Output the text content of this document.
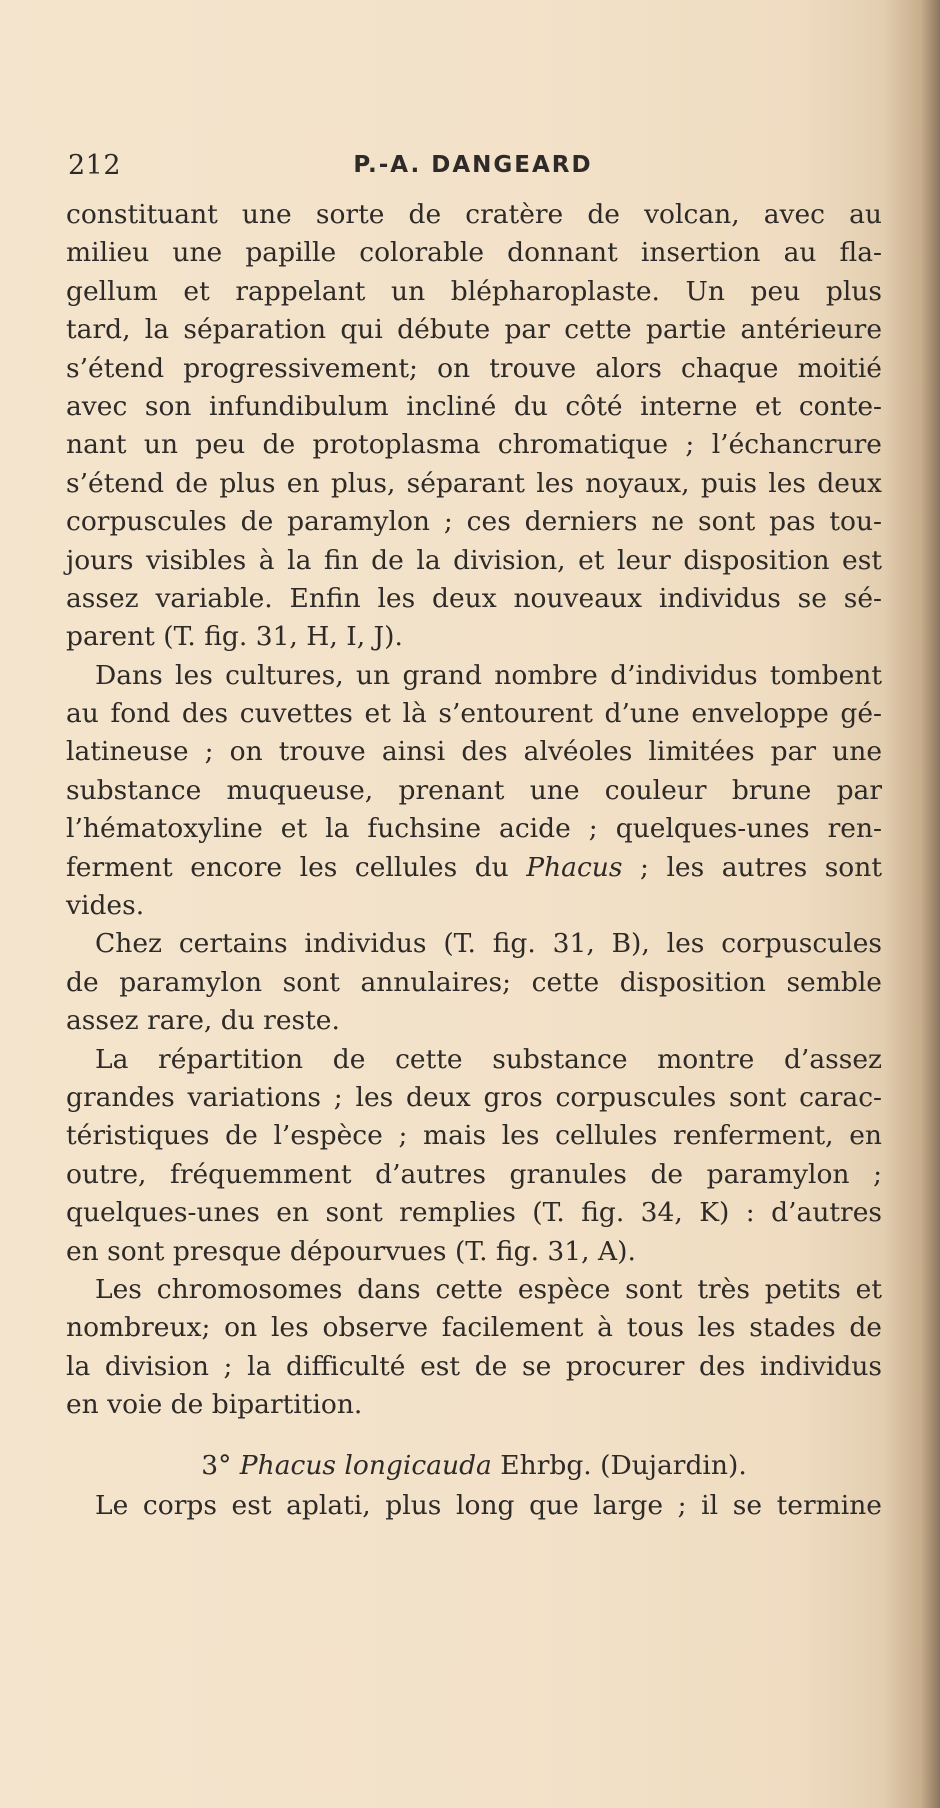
212	P.-A. DANGEARD
constituant une sorte de cratère de volcan, avec au
milieu une papille colorable donnant insertion au fla-
gellum et rappelant un blépharoplaste. Un peu plus
tard, la séparation qui débute par cette partie antérieure
s’étend progressivement; on trouve alors chaque moitié
avec son infundibulum incliné du côté interne et conte-
nant un peu de protoplasma chromatique ; l’échancrure
s’étend de plus en plus, séparant les noyaux, puis les deux
corpuscules de paramylon ; ces derniers ne sont pas tou-
jours visibles à la fin de la division, et leur disposition est
assez variable. Enfin les deux nouveaux individus se sé-
parent (T. fig. 31, H, I, J).
Dans les cultures, un grand nombre d’individus tombent
au fond des cuvettes et là s’entourent d’une enveloppe gé-
latineuse ; on trouve ainsi des alvéoles limitées par une
substance muqueuse, prenant une couleur brune par
l’hématoxyline et la fuchsine acide ; quelques-unes ren-
ferment encore les cellules du Phacus ; les autres sont
vides.
Chez certains individus (T. fig. 31, B), les corpuscules
de paramylon sont annulaires; cette disposition semble
assez rare, du reste.
La répartition de cette substance montre d’assez
grandes variations ; les deux gros corpuscules sont carac-
téristiques de l’espèce ; mais les cellules renferment, en
outre, fréquemment d’autres granules de paramylon ;
quelques-unes en sont remplies (T. fig. 34, K) : d’autres
en sont presque dépourvues (T. fig. 31, A).
Les chromosomes dans cette espèce sont très petits et
nombreux; on les observe facilement à tous les stades de
la division ; la difficulté est de se procurer des individus
en voie de bipartition.
3° Phacus longicauda Ehrbg. (Dujardin).
Le corps est aplati, plus long que large ; il se termine
